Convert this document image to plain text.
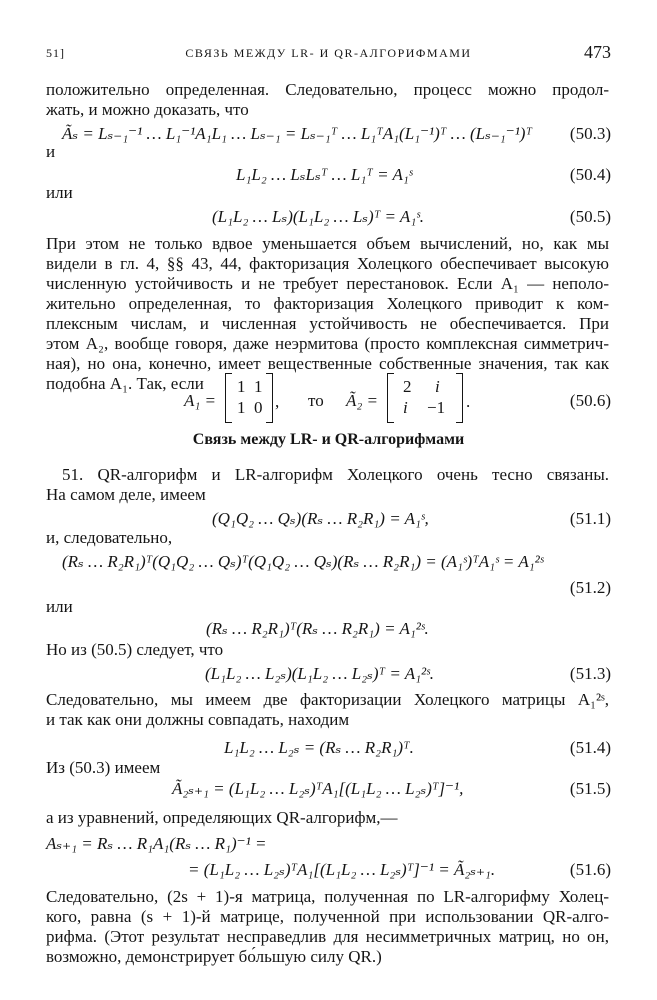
51]	СВЯЗЬ МЕЖДУ LR- И QR-АЛГОРИФМАМИ	473
положительно определенная. Следовательно, процесс можно продол-
жать, и можно доказать, что
Ãₛ = Lₛ₋₁⁻¹ … L₁⁻¹A₁L₁ … Lₛ₋₁ = Lₛ₋₁ᵀ … L₁ᵀA₁(L₁⁻¹)ᵀ … (Lₛ₋₁⁻¹)ᵀ (50.3)
и
L₁L₂ … LₛLₛᵀ … L₁ᵀ = A₁ˢ	(50.4)
или
(L₁L₂ … Lₛ)(L₁L₂ … Lₛ)ᵀ = A₁ˢ.	(50.5)
При этом не только вдвое уменьшается объем вычислений, но, как мы
видели в гл. 4, §§ 43, 44, факторизация Холецкого обеспечивает высокую
численную устойчивость и не требует перестановок. Если A₁ — неполо-
жительно определенная, то факторизация Холецкого приводит к ком-
плексным числам, и численная устойчивость не обеспечивается. При
этом A₂, вообще говоря, даже неэрмитова (просто комплексная симметрич-
ная), но она, конечно, имеет вещественные собственные значения, так как
подобна A₁. Так, если
A₁ =
1 1
1 0 , то Ã₂ =
2 i
i −1 .	(50.6)
Связь между LR- и QR-алгорифмами
51. QR-алгорифм и LR-алгорифм Холецкого очень тесно связаны.
На самом деле, имеем
(Q₁Q₂ … Qₛ)(Rₛ … R₂R₁) = A₁ˢ,	(51.1)
и, следовательно,
(Rₛ … R₂R₁)ᵀ(Q₁Q₂ … Qₛ)ᵀ(Q₁Q₂ … Qₛ)(Rₛ … R₂R₁) = (A₁ˢ)ᵀA₁ˢ = A₁²ˢ
(51.2)
или
(Rₛ … R₂R₁)ᵀ(Rₛ … R₂R₁) = A₁²ˢ.
Но из (50.5) следует, что
(L₁L₂ … L₂ₛ)(L₁L₂ … L₂ₛ)ᵀ = A₁²ˢ.	(51.3)
Следовательно, мы имеем две факторизации Холецкого матрицы A₁²ˢ,
и так как они должны совпадать, находим
L₁L₂ … L₂ₛ = (Rₛ … R₂R₁)ᵀ.	(51.4)
Из (50.3) имеем
Ã₂ₛ₊₁ = (L₁L₂ … L₂ₛ)ᵀA₁[(L₁L₂ … L₂ₛ)ᵀ]⁻¹,	(51.5)
а из уравнений, определяющих QR-алгорифм,—
Aₛ₊₁ = Rₛ … R₁A₁(Rₛ … R₁)⁻¹ =
= (L₁L₂ … L₂ₛ)ᵀA₁[(L₁L₂ … L₂ₛ)ᵀ]⁻¹ = Ã₂ₛ₊₁.	(51.6)
Следовательно, (2s + 1)-я матрица, полученная по LR-алгорифму Холец-
кого, равна (s + 1)-й матрице, полученной при использовании QR-алго-
рифма. (Этот результат несправедлив для несимметричных матриц, но он,
возможно, демонстрирует бо́льшую силу QR.)
